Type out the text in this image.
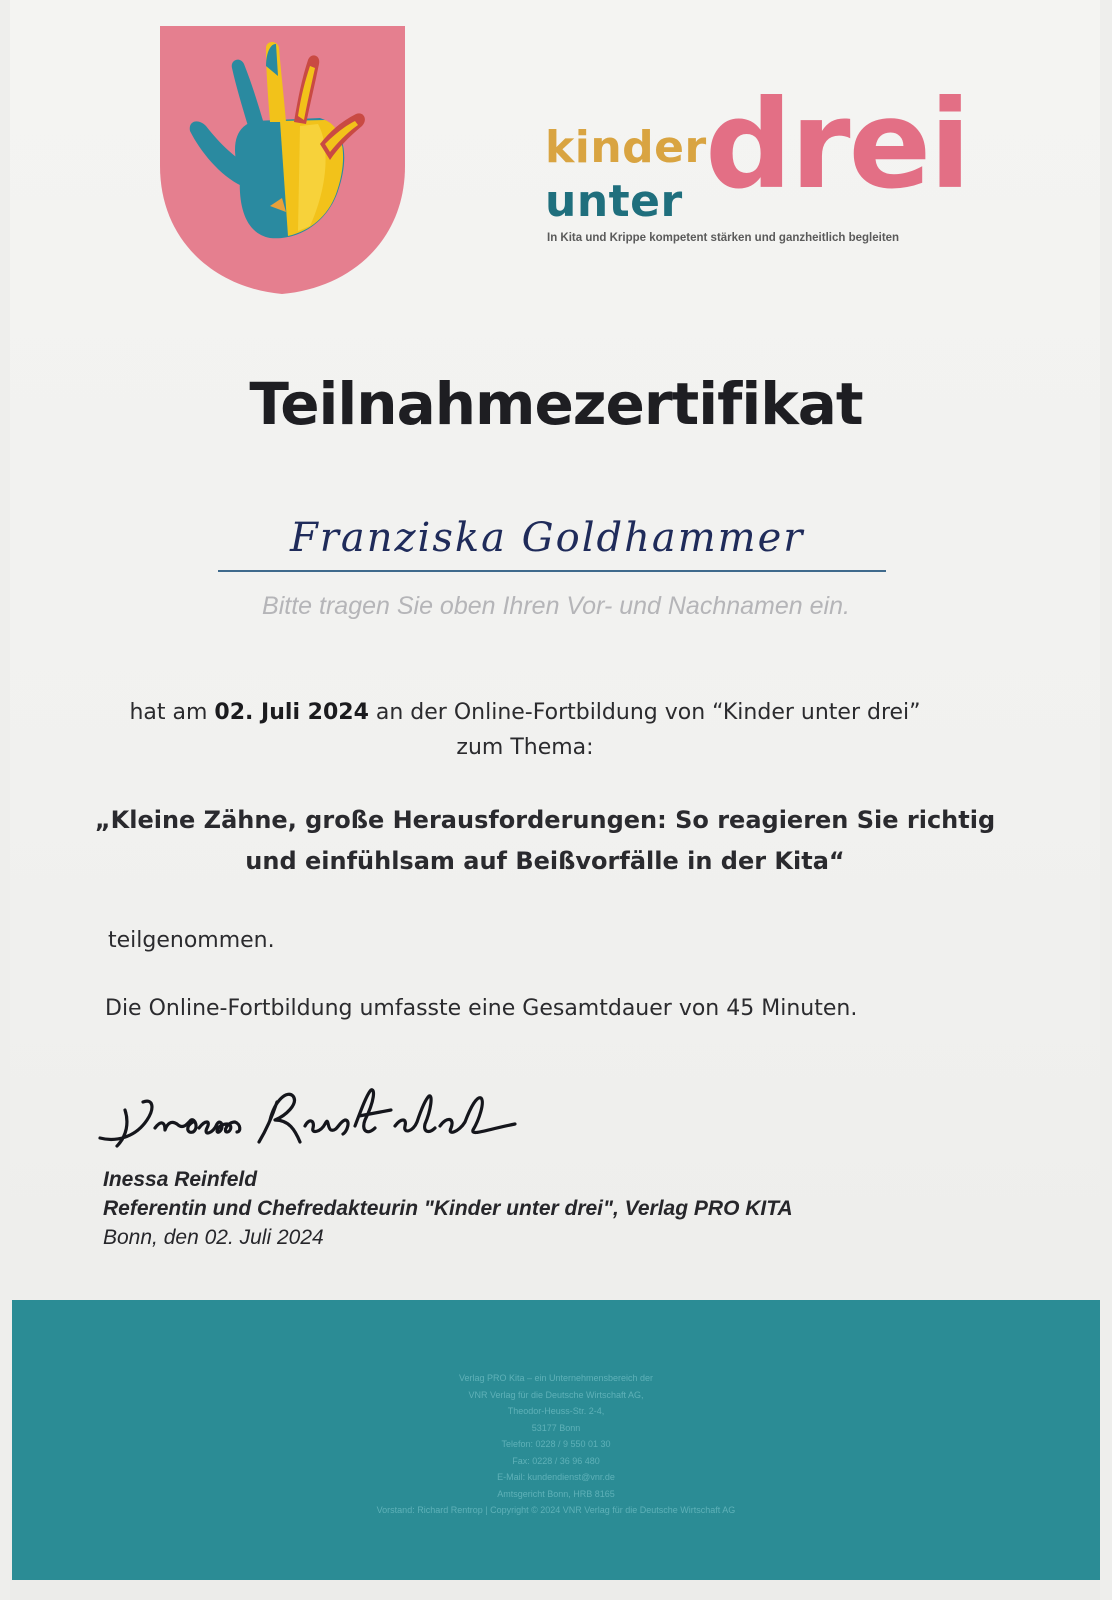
kinder
unter drei
In Kita und Krippe kompetent stärken und ganzheitlich begleiten
Teilnahmezertifikat
Franziska Goldhammer
Bitte tragen Sie oben Ihren Vor- und Nachnamen ein.
hat am 02. Juli 2024 an der Online-Fortbildung von “Kinder unter drei”
zum Thema:
„Kleine Zähne, große Herausforderungen: So reagieren Sie richtig
und einfühlsam auf Beißvorfälle in der Kita“
teilgenommen.
Die Online-Fortbildung umfasste eine Gesamtdauer von 45 Minuten.
Inessa Reinfeld
Referentin und Chefredakteurin "Kinder unter drei", Verlag PRO KITA
Bonn, den 02. Juli 2024
Verlag PRO Kita – ein Unternehmensbereich der
VNR Verlag für die Deutsche Wirtschaft AG,
Theodor-Heuss-Str. 2-4,
53177 Bonn
Telefon: 0228 / 9 550 01 30
Fax: 0228 / 36 96 480
E-Mail: kundendienst@vnr.de
Amtsgericht Bonn, HRB 8165
Vorstand: Richard Rentrop | Copyright © 2024 VNR Verlag für die Deutsche Wirtschaft AG
